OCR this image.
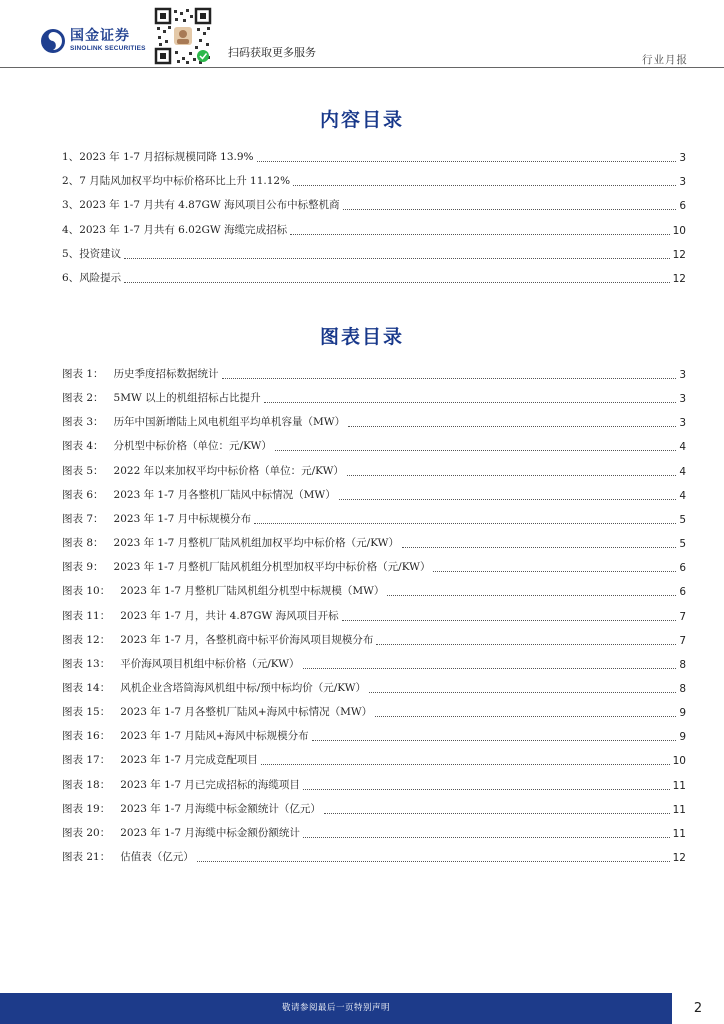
国金证券
SINOLINK SECURITIES	扫码获取更多服务
行业月报
内容目录
1、 2023 年 1-7 月招标规模同降 13.9%	3
2、 7 月陆风加权平均中标价格环比上升 11.12%	3
3、 2023 年 1-7 月共有 4.87GW 海风项目公布中标整机商	6
4、 2023 年 1-7 月共有 6.02GW 海缆完成招标	10
5、 投资建议	12
6、 风险提示	12
图表目录
图表 1： 历史季度招标数据统计	3
图表 2： 5MW 以上的机组招标占比提升	3
图表 3： 历年中国新增陆上风电机组平均单机容量（MW）	3
图表 4： 分机型中标价格（单位：元/KW）	4
图表 5： 2022 年以来加权平均中标价格（单位：元/KW）	4
图表 6： 2023 年 1-7 月各整机厂陆风中标情况（MW）	4
图表 7： 2023 年 1-7 月中标规模分布	5
图表 8： 2023 年 1-7 月整机厂陆风机组加权平均中标价格（元/KW）	5
图表 9： 2023 年 1-7 月整机厂陆风机组分机型加权平均中标价格（元/KW）	6
图表 10： 2023 年 1-7 月整机厂陆风机组分机型中标规模（MW）	6
图表 11： 2023 年 1-7 月，共计 4.87GW 海风项目开标	7
图表 12： 2023 年 1-7 月，各整机商中标平价海风项目规模分布	7
图表 13： 平价海风项目机组中标价格（元/KW）	8
图表 14： 风机企业含塔筒海风机组中标/预中标均价（元/KW）	8
图表 15： 2023 年 1-7 月各整机厂陆风+海风中标情况（MW）	9
图表 16： 2023 年 1-7 月陆风+海风中标规模分布	9
图表 17： 2023 年 1-7 月完成竞配项目	10
图表 18： 2023 年 1-7 月已完成招标的海缆项目	11
图表 19： 2023 年 1-7 月海缆中标金额统计（亿元）	11
图表 20： 2023 年 1-7 月海缆中标金额份额统计	11
图表 21： 估值表（亿元）	12
敬请参阅最后一页特别声明	2
